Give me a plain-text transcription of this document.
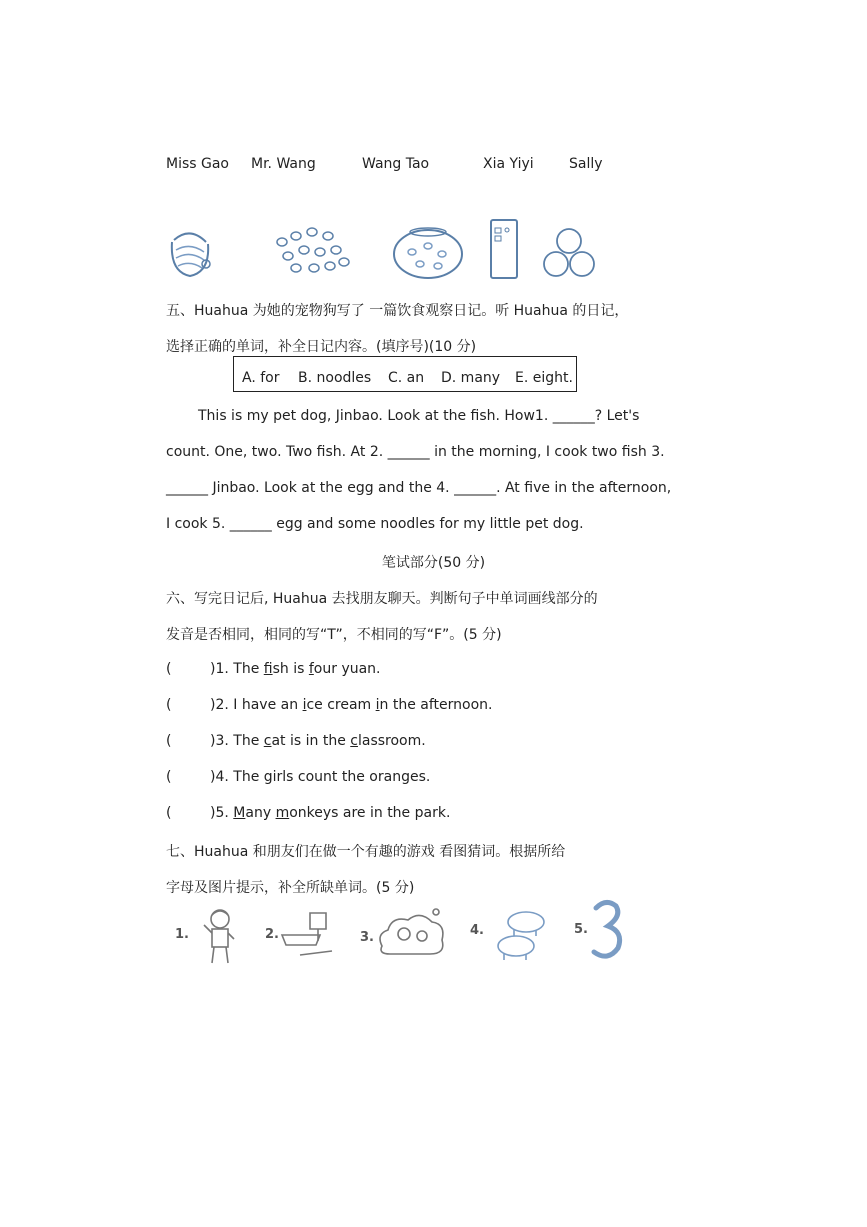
Miss Gao Mr. Wang	Wang Tao	Xia Yiyi	Sally
五、Huahua 为她的宠物狗写了 一篇饮食观察日记。听 Huahua 的日记，
选择正确的单词，补全日记内容。(填序号)(10 分)
A. for B. noodles C. an D. many E. eight.
This is my pet dog, Jinbao. Look at the fish. How1. ______? Let's
count. One, two. Two fish. At 2. ______ in the morning, I cook two fish 3.
______ Jinbao. Look at the egg and the 4. ______. At five in the afternoon,
I cook 5. ______ egg and some noodles for my little pet dog.
笔试部分(50 分)
六、写完日记后, Huahua 去找朋友聊天。判断句子中单词画线部分的
发音是否相同，相同的写“T”，不相同的写“F”。(5 分)
(	)1. The fish is four yuan.
(	)2. I have an ice cream in the afternoon.
(	)3. The cat is in the classroom.
(	)4. The girls count the oranges.
(	)5. Many monkeys are in the park.
七、Huahua 和朋友们在做一个有趣的游戏 看图猜词。根据所给
字母及图片提示，补全所缺单词。(5 分)
1.	2.	3.	4.	5.
